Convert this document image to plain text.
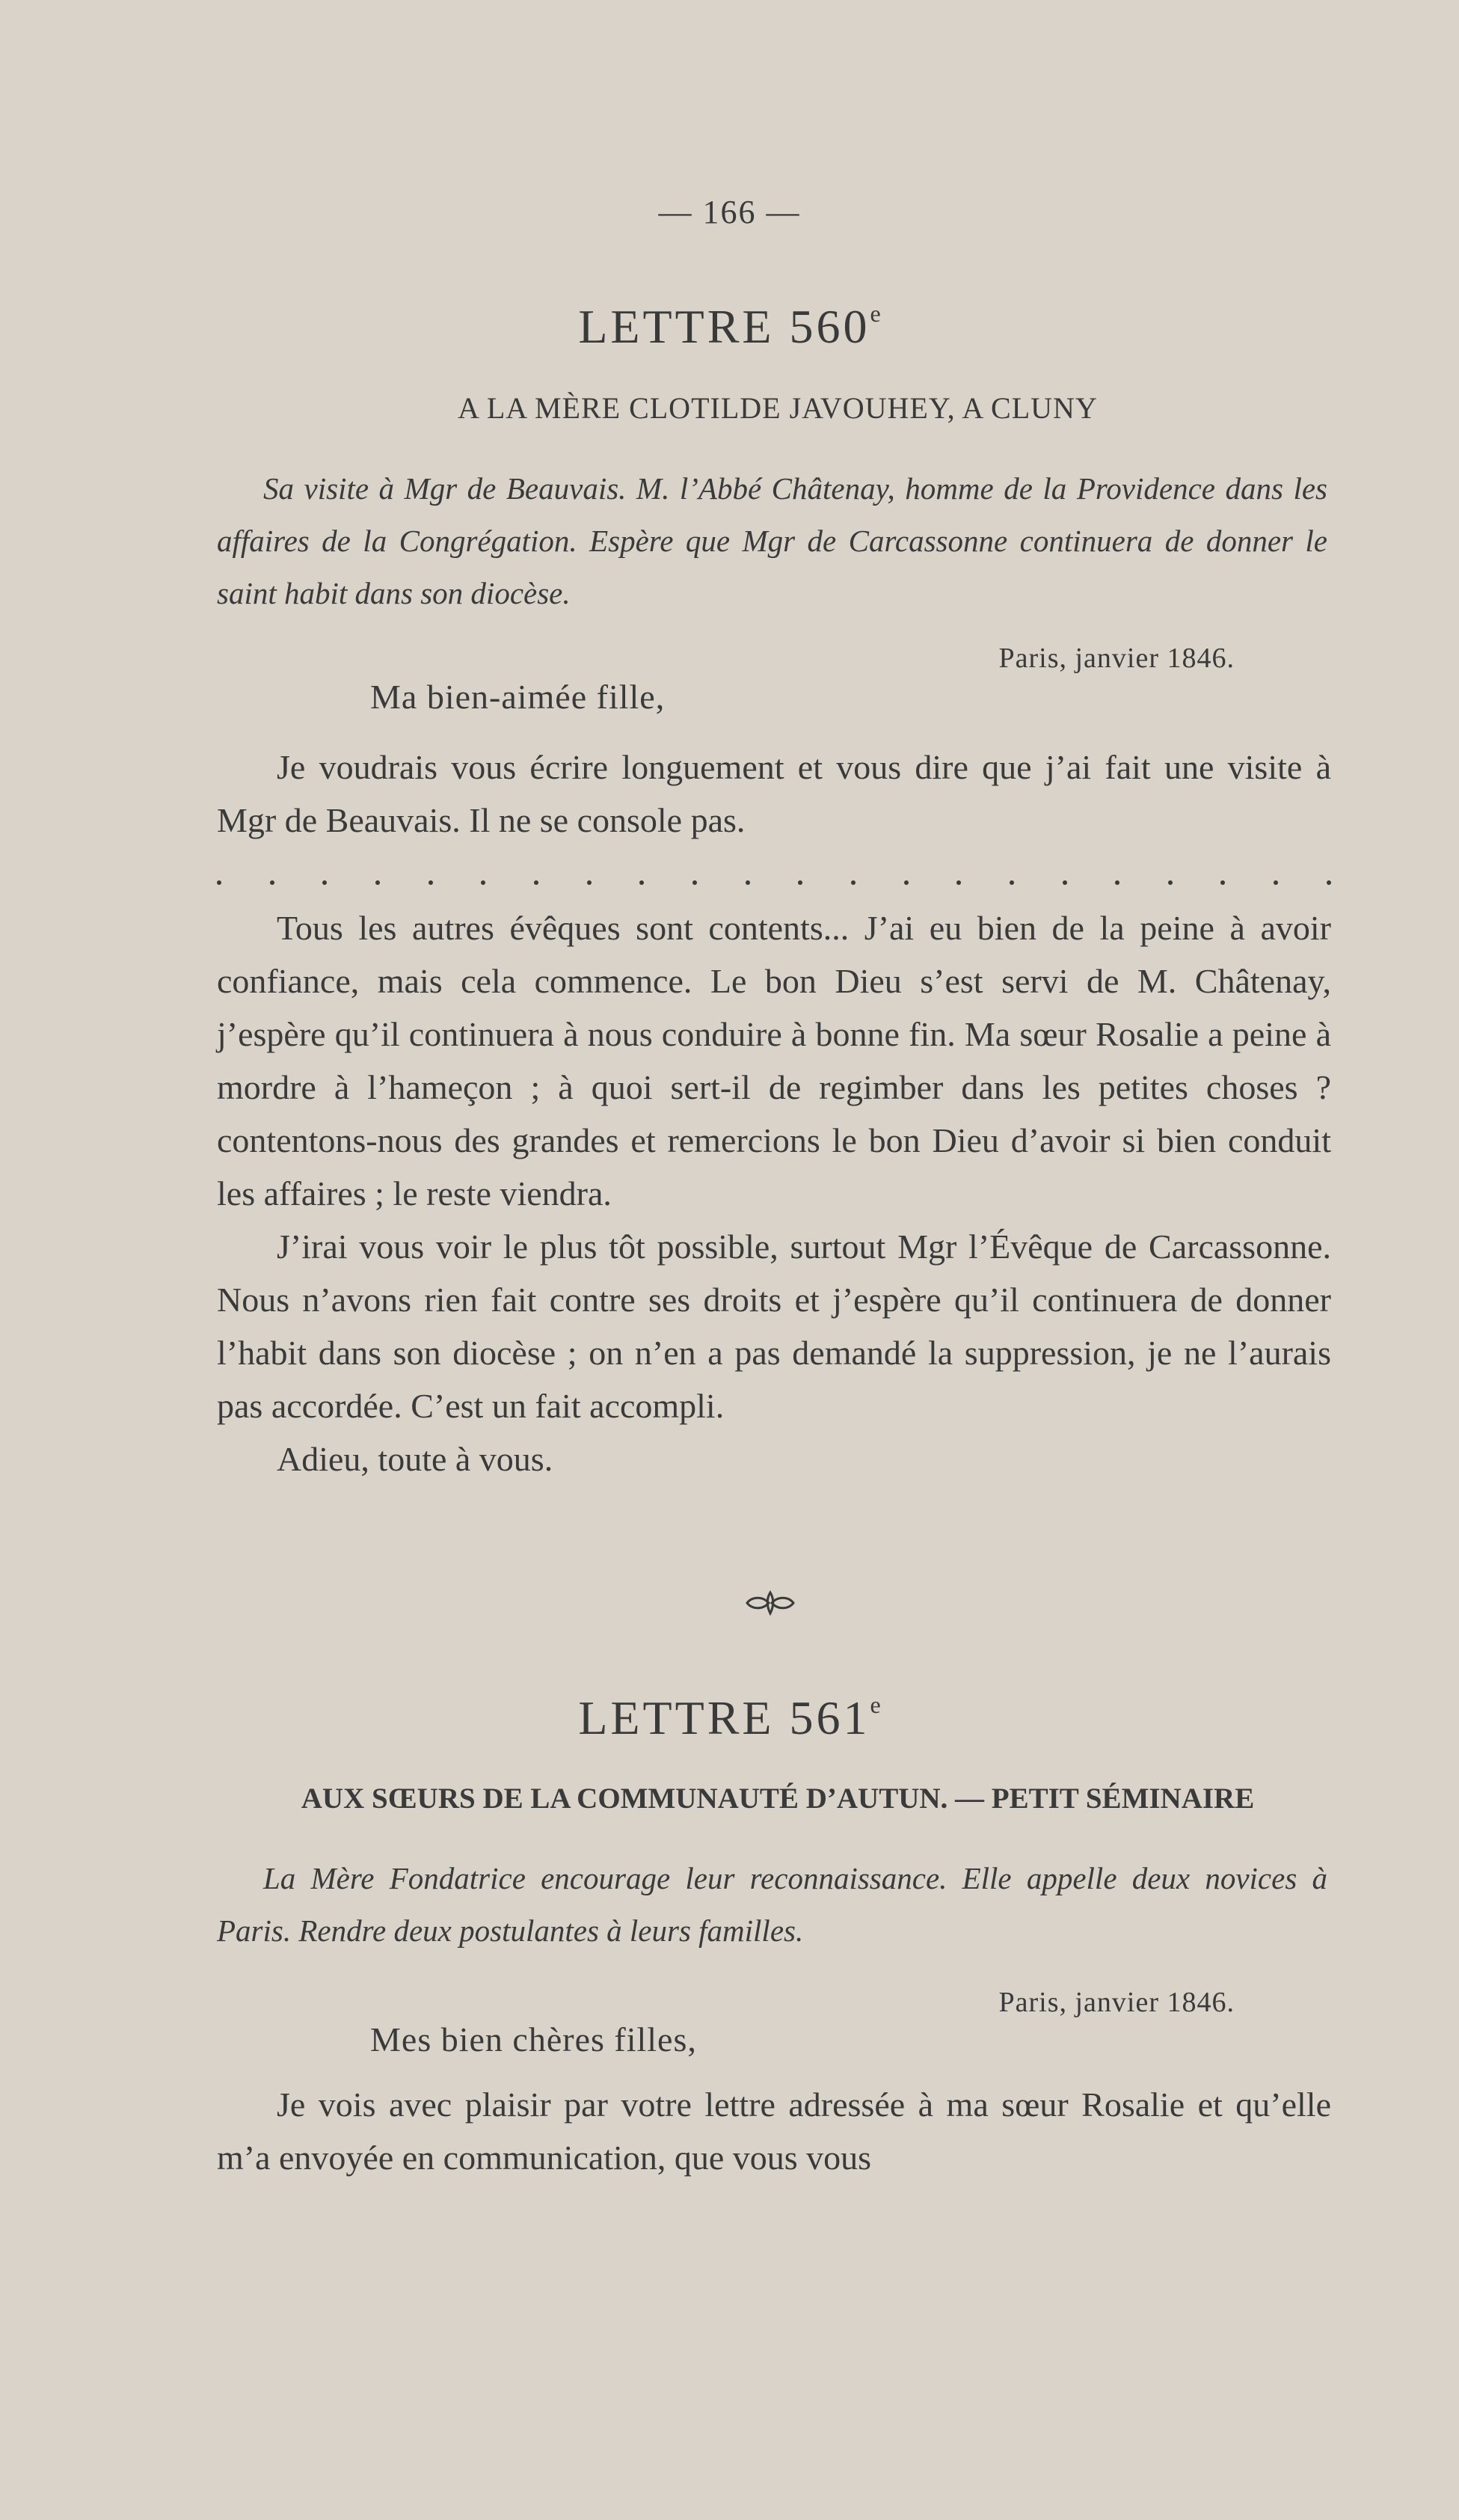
— 166 —
LETTRE 560e
A LA MÈRE CLOTILDE JAVOUHEY, A CLUNY

Sa visite à Mgr de Beauvais. M. l’Abbé Châtenay, homme de la Providence dans les affaires de la Congrégation. Espère que Mgr de Carcassonne continuera de donner le saint habit dans son diocèse.

Paris, janvier 1846.
Ma bien-aimée fille,

Je voudrais vous écrire longuement et vous dire que j’ai fait une visite à Mgr de Beauvais. Il ne se console pas.

Tous les autres évêques sont contents... J’ai eu bien de la peine à avoir confiance, mais cela commence. Le bon Dieu s’est servi de M. Châtenay, j’espère qu’il continuera à nous conduire à bonne fin. Ma sœur Rosalie a peine à mordre à l’hameçon ; à quoi sert-il de regimber dans les petites choses ? contentons-nous des grandes et remercions le bon Dieu d’avoir si bien conduit les affaires ; le reste viendra.

J’irai vous voir le plus tôt possible, surtout Mgr l’Évêque de Carcassonne. Nous n’avons rien fait contre ses droits et j’espère qu’il continuera de donner l’habit dans son diocèse ; on n’en a pas demandé la suppression, je ne l’aurais pas accordée. C’est un fait accompli.

Adieu, toute à vous.

LETTRE 561e
AUX SŒURS DE LA COMMUNAUTÉ D’AUTUN. — PETIT SÉMINAIRE

La Mère Fondatrice encourage leur reconnaissance. Elle appelle deux novices à Paris. Rendre deux postulantes à leurs familles.

Paris, janvier 1846.
Mes bien chères filles,

Je vois avec plaisir par votre lettre adressée à ma sœur Rosalie et qu’elle m’a envoyée en communication, que vous vous
